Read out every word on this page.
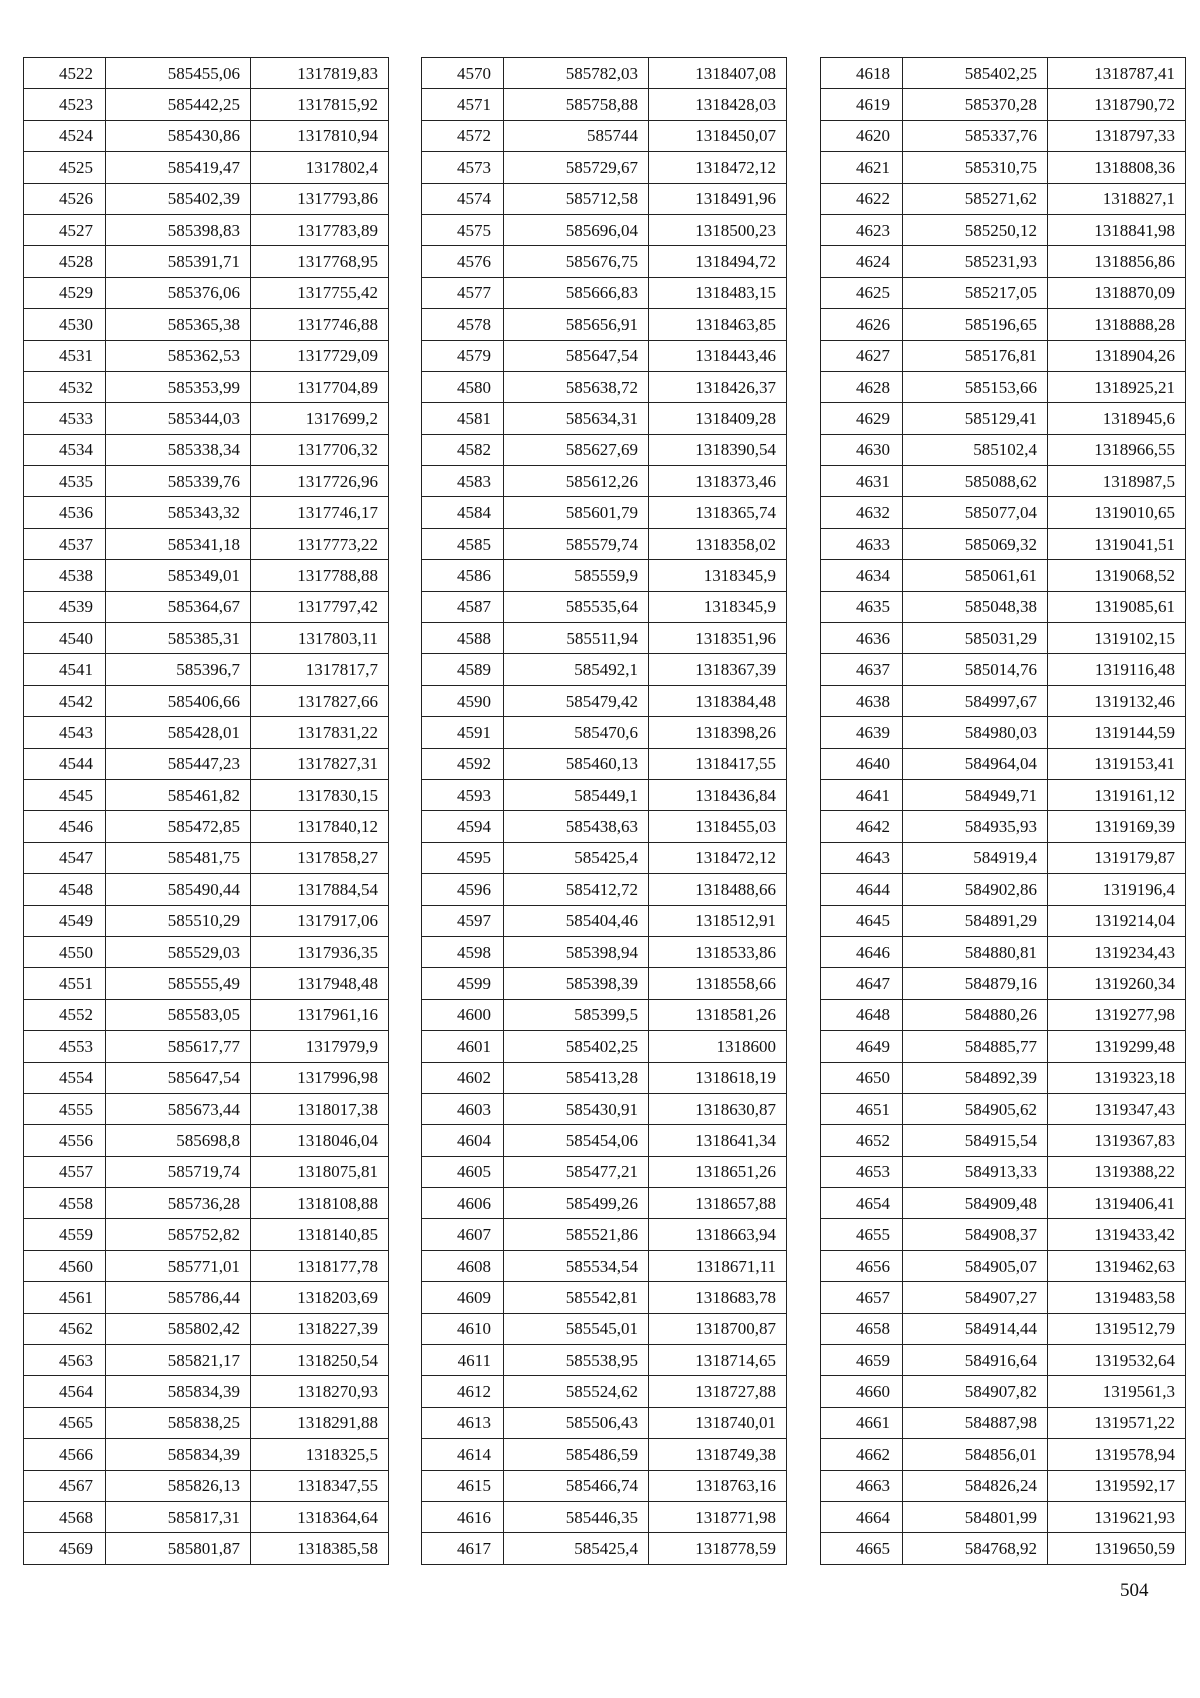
4522	585455,06	1317819,83
4523	585442,25	1317815,92
4524	585430,86	1317810,94
4525	585419,47	1317802,4
4526	585402,39	1317793,86
4527	585398,83	1317783,89
4528	585391,71	1317768,95
4529	585376,06	1317755,42
4530	585365,38	1317746,88
4531	585362,53	1317729,09
4532	585353,99	1317704,89
4533	585344,03	1317699,2
4534	585338,34	1317706,32
4535	585339,76	1317726,96
4536	585343,32	1317746,17
4537	585341,18	1317773,22
4538	585349,01	1317788,88
4539	585364,67	1317797,42
4540	585385,31	1317803,11
4541	585396,7	1317817,7
4542	585406,66	1317827,66
4543	585428,01	1317831,22
4544	585447,23	1317827,31
4545	585461,82	1317830,15
4546	585472,85	1317840,12
4547	585481,75	1317858,27
4548	585490,44	1317884,54
4549	585510,29	1317917,06
4550	585529,03	1317936,35
4551	585555,49	1317948,48
4552	585583,05	1317961,16
4553	585617,77	1317979,9
4554	585647,54	1317996,98
4555	585673,44	1318017,38
4556	585698,8	1318046,04
4557	585719,74	1318075,81
4558	585736,28	1318108,88
4559	585752,82	1318140,85
4560	585771,01	1318177,78
4561	585786,44	1318203,69
4562	585802,42	1318227,39
4563	585821,17	1318250,54
4564	585834,39	1318270,93
4565	585838,25	1318291,88
4566	585834,39	1318325,5
4567	585826,13	1318347,55
4568	585817,31	1318364,64
4569	585801,87	1318385,58
4570	585782,03	1318407,08
4571	585758,88	1318428,03
4572	585744	1318450,07
4573	585729,67	1318472,12
4574	585712,58	1318491,96
4575	585696,04	1318500,23
4576	585676,75	1318494,72
4577	585666,83	1318483,15
4578	585656,91	1318463,85
4579	585647,54	1318443,46
4580	585638,72	1318426,37
4581	585634,31	1318409,28
4582	585627,69	1318390,54
4583	585612,26	1318373,46
4584	585601,79	1318365,74
4585	585579,74	1318358,02
4586	585559,9	1318345,9
4587	585535,64	1318345,9
4588	585511,94	1318351,96
4589	585492,1	1318367,39
4590	585479,42	1318384,48
4591	585470,6	1318398,26
4592	585460,13	1318417,55
4593	585449,1	1318436,84
4594	585438,63	1318455,03
4595	585425,4	1318472,12
4596	585412,72	1318488,66
4597	585404,46	1318512,91
4598	585398,94	1318533,86
4599	585398,39	1318558,66
4600	585399,5	1318581,26
4601	585402,25	1318600
4602	585413,28	1318618,19
4603	585430,91	1318630,87
4604	585454,06	1318641,34
4605	585477,21	1318651,26
4606	585499,26	1318657,88
4607	585521,86	1318663,94
4608	585534,54	1318671,11
4609	585542,81	1318683,78
4610	585545,01	1318700,87
4611	585538,95	1318714,65
4612	585524,62	1318727,88
4613	585506,43	1318740,01
4614	585486,59	1318749,38
4615	585466,74	1318763,16
4616	585446,35	1318771,98
4617	585425,4	1318778,59
4618	585402,25	1318787,41
4619	585370,28	1318790,72
4620	585337,76	1318797,33
4621	585310,75	1318808,36
4622	585271,62	1318827,1
4623	585250,12	1318841,98
4624	585231,93	1318856,86
4625	585217,05	1318870,09
4626	585196,65	1318888,28
4627	585176,81	1318904,26
4628	585153,66	1318925,21
4629	585129,41	1318945,6
4630	585102,4	1318966,55
4631	585088,62	1318987,5
4632	585077,04	1319010,65
4633	585069,32	1319041,51
4634	585061,61	1319068,52
4635	585048,38	1319085,61
4636	585031,29	1319102,15
4637	585014,76	1319116,48
4638	584997,67	1319132,46
4639	584980,03	1319144,59
4640	584964,04	1319153,41
4641	584949,71	1319161,12
4642	584935,93	1319169,39
4643	584919,4	1319179,87
4644	584902,86	1319196,4
4645	584891,29	1319214,04
4646	584880,81	1319234,43
4647	584879,16	1319260,34
4648	584880,26	1319277,98
4649	584885,77	1319299,48
4650	584892,39	1319323,18
4651	584905,62	1319347,43
4652	584915,54	1319367,83
4653	584913,33	1319388,22
4654	584909,48	1319406,41
4655	584908,37	1319433,42
4656	584905,07	1319462,63
4657	584907,27	1319483,58
4658	584914,44	1319512,79
4659	584916,64	1319532,64
4660	584907,82	1319561,3
4661	584887,98	1319571,22
4662	584856,01	1319578,94
4663	584826,24	1319592,17
4664	584801,99	1319621,93
4665	584768,92	1319650,59
504
